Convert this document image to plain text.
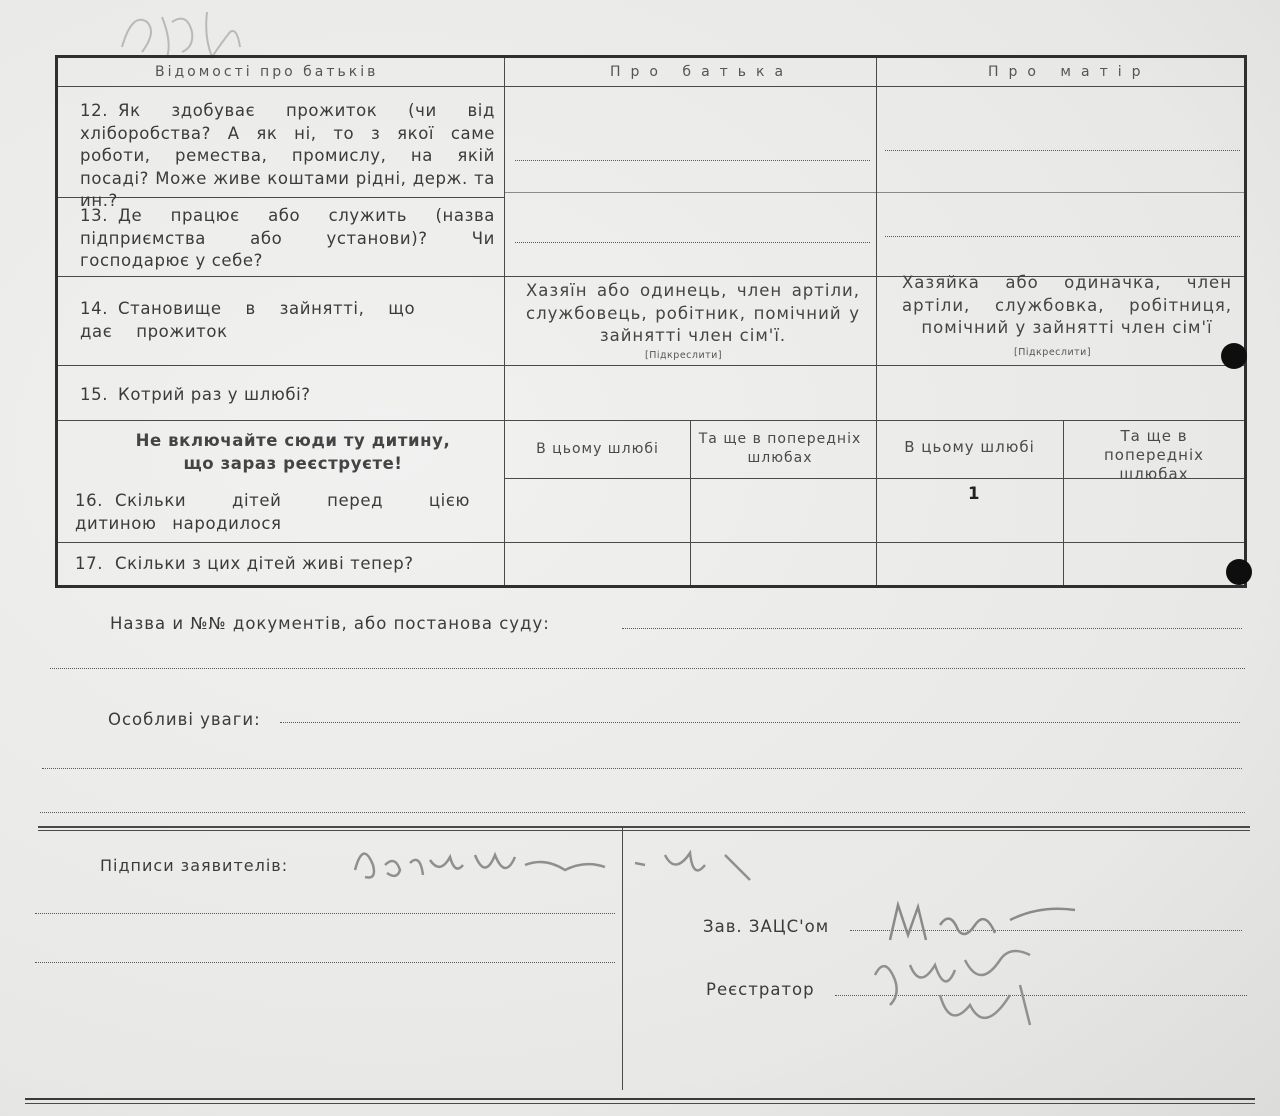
Відомості про батьків	Про батька	Про матір
12. Як здобуває прожиток (чи від хліборобства? А як ні, то з якої саме роботи, ремества, промислу, на якій посаді? Може живе коштами рідні, держ. та ин.?
13. Де працює або служить (назва підприємства або установи)? Чи господарює у себе?
14. Становище в зайнятті, що дає прожиток
Хазяїн або одинець, член артіли, службовець, робітник, помічний у зайнятті член сім'ї.
[Підкреслити]
Хазяйка або одиначка, член артіли, службовка, робітниця, помічний у зайнятті член сім'ї
[Підкреслити]
15. Котрий раз у шлюбі?
Не включайте сюди ту дитину, що зараз реєструєте!
16. Скільки дітей перед цією дитиною народилося
В цьому шлюбі
Та ще в попередніх шлюбах
В цьому шлюбі
Та ще в попередніх шлюбах
1
17. Скільки з цих дітей живі тепер?
Назва и №№ документів, або постанова суду:
Особливі уваги:
Підписи заявителів:
Зав. ЗАЦС'ом
Реєстратор
